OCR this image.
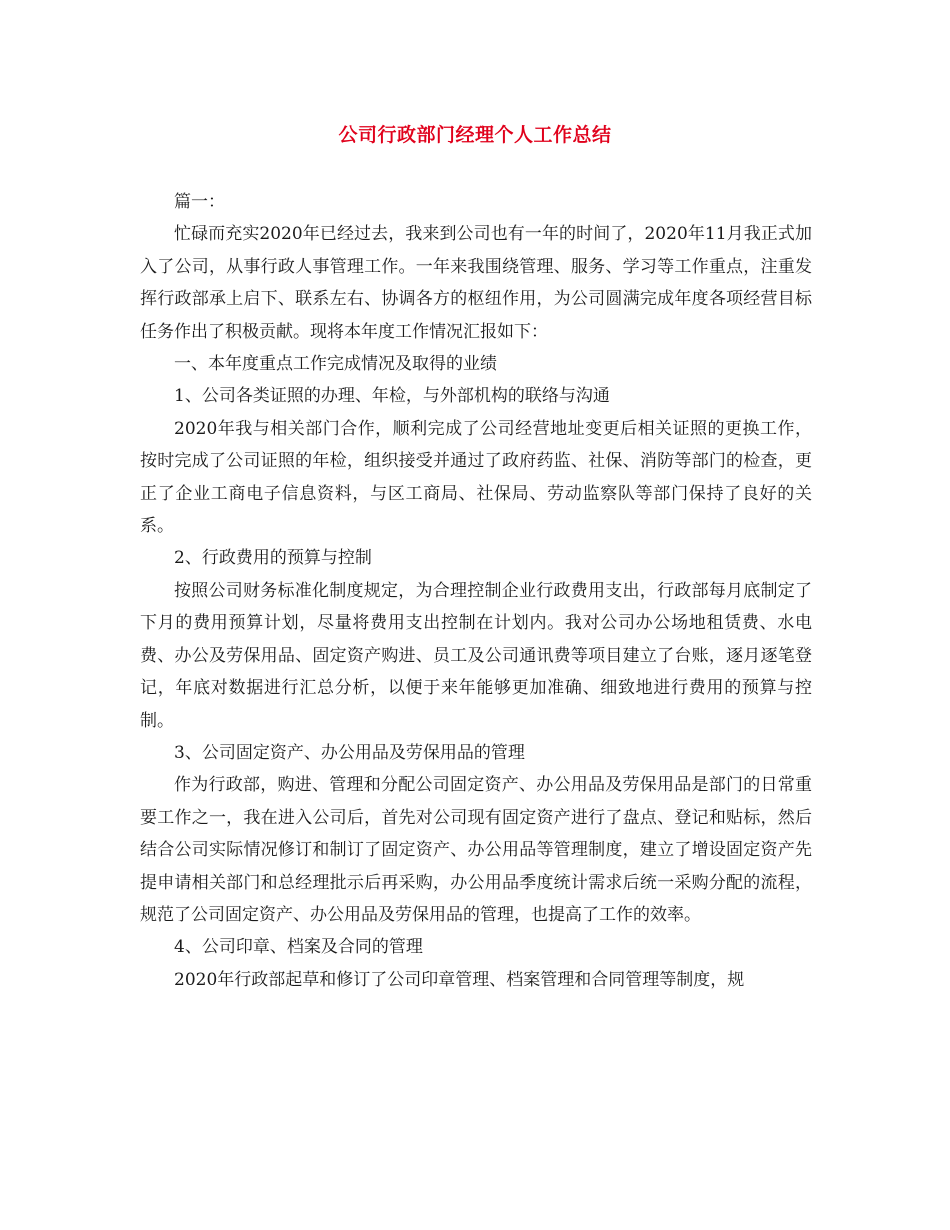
公司行政部门经理个人工作总结

篇一：

忙碌而充实2020年已经过去，我来到公司也有一年的时间了，2020年11月我正式加入了公司，从事行政人事管理工作。一年来我围绕管理、服务、学习等工作重点，注重发挥行政部承上启下、联系左右、协调各方的枢纽作用，为公司圆满完成年度各项经营目标任务作出了积极贡献。现将本年度工作情况汇报如下：

一、本年度重点工作完成情况及取得的业绩

1、公司各类证照的办理、年检，与外部机构的联络与沟通

2020年我与相关部门合作，顺利完成了公司经营地址变更后相关证照的更换工作，按时完成了公司证照的年检，组织接受并通过了政府药监、社保、消防等部门的检查，更正了企业工商电子信息资料，与区工商局、社保局、劳动监察队等部门保持了良好的关系。

2、行政费用的预算与控制

按照公司财务标准化制度规定，为合理控制企业行政费用支出，行政部每月底制定了下月的费用预算计划，尽量将费用支出控制在计划内。我对公司办公场地租赁费、水电费、办公及劳保用品、固定资产购进、员工及公司通讯费等项目建立了台账，逐月逐笔登记，年底对数据进行汇总分析，以便于来年能够更加准确、细致地进行费用的预算与控制。

3、公司固定资产、办公用品及劳保用品的管理

作为行政部，购进、管理和分配公司固定资产、办公用品及劳保用品是部门的日常重要工作之一，我在进入公司后，首先对公司现有固定资产进行了盘点、登记和贴标，然后结合公司实际情况修订和制订了固定资产、办公用品等管理制度，建立了增设固定资产先提申请相关部门和总经理批示后再采购，办公用品季度统计需求后统一采购分配的流程，规范了公司固定资产、办公用品及劳保用品的管理，也提高了工作的效率。

4、公司印章、档案及合同的管理

2020年行政部起草和修订了公司印章管理、档案管理和合同管理等制度，规
